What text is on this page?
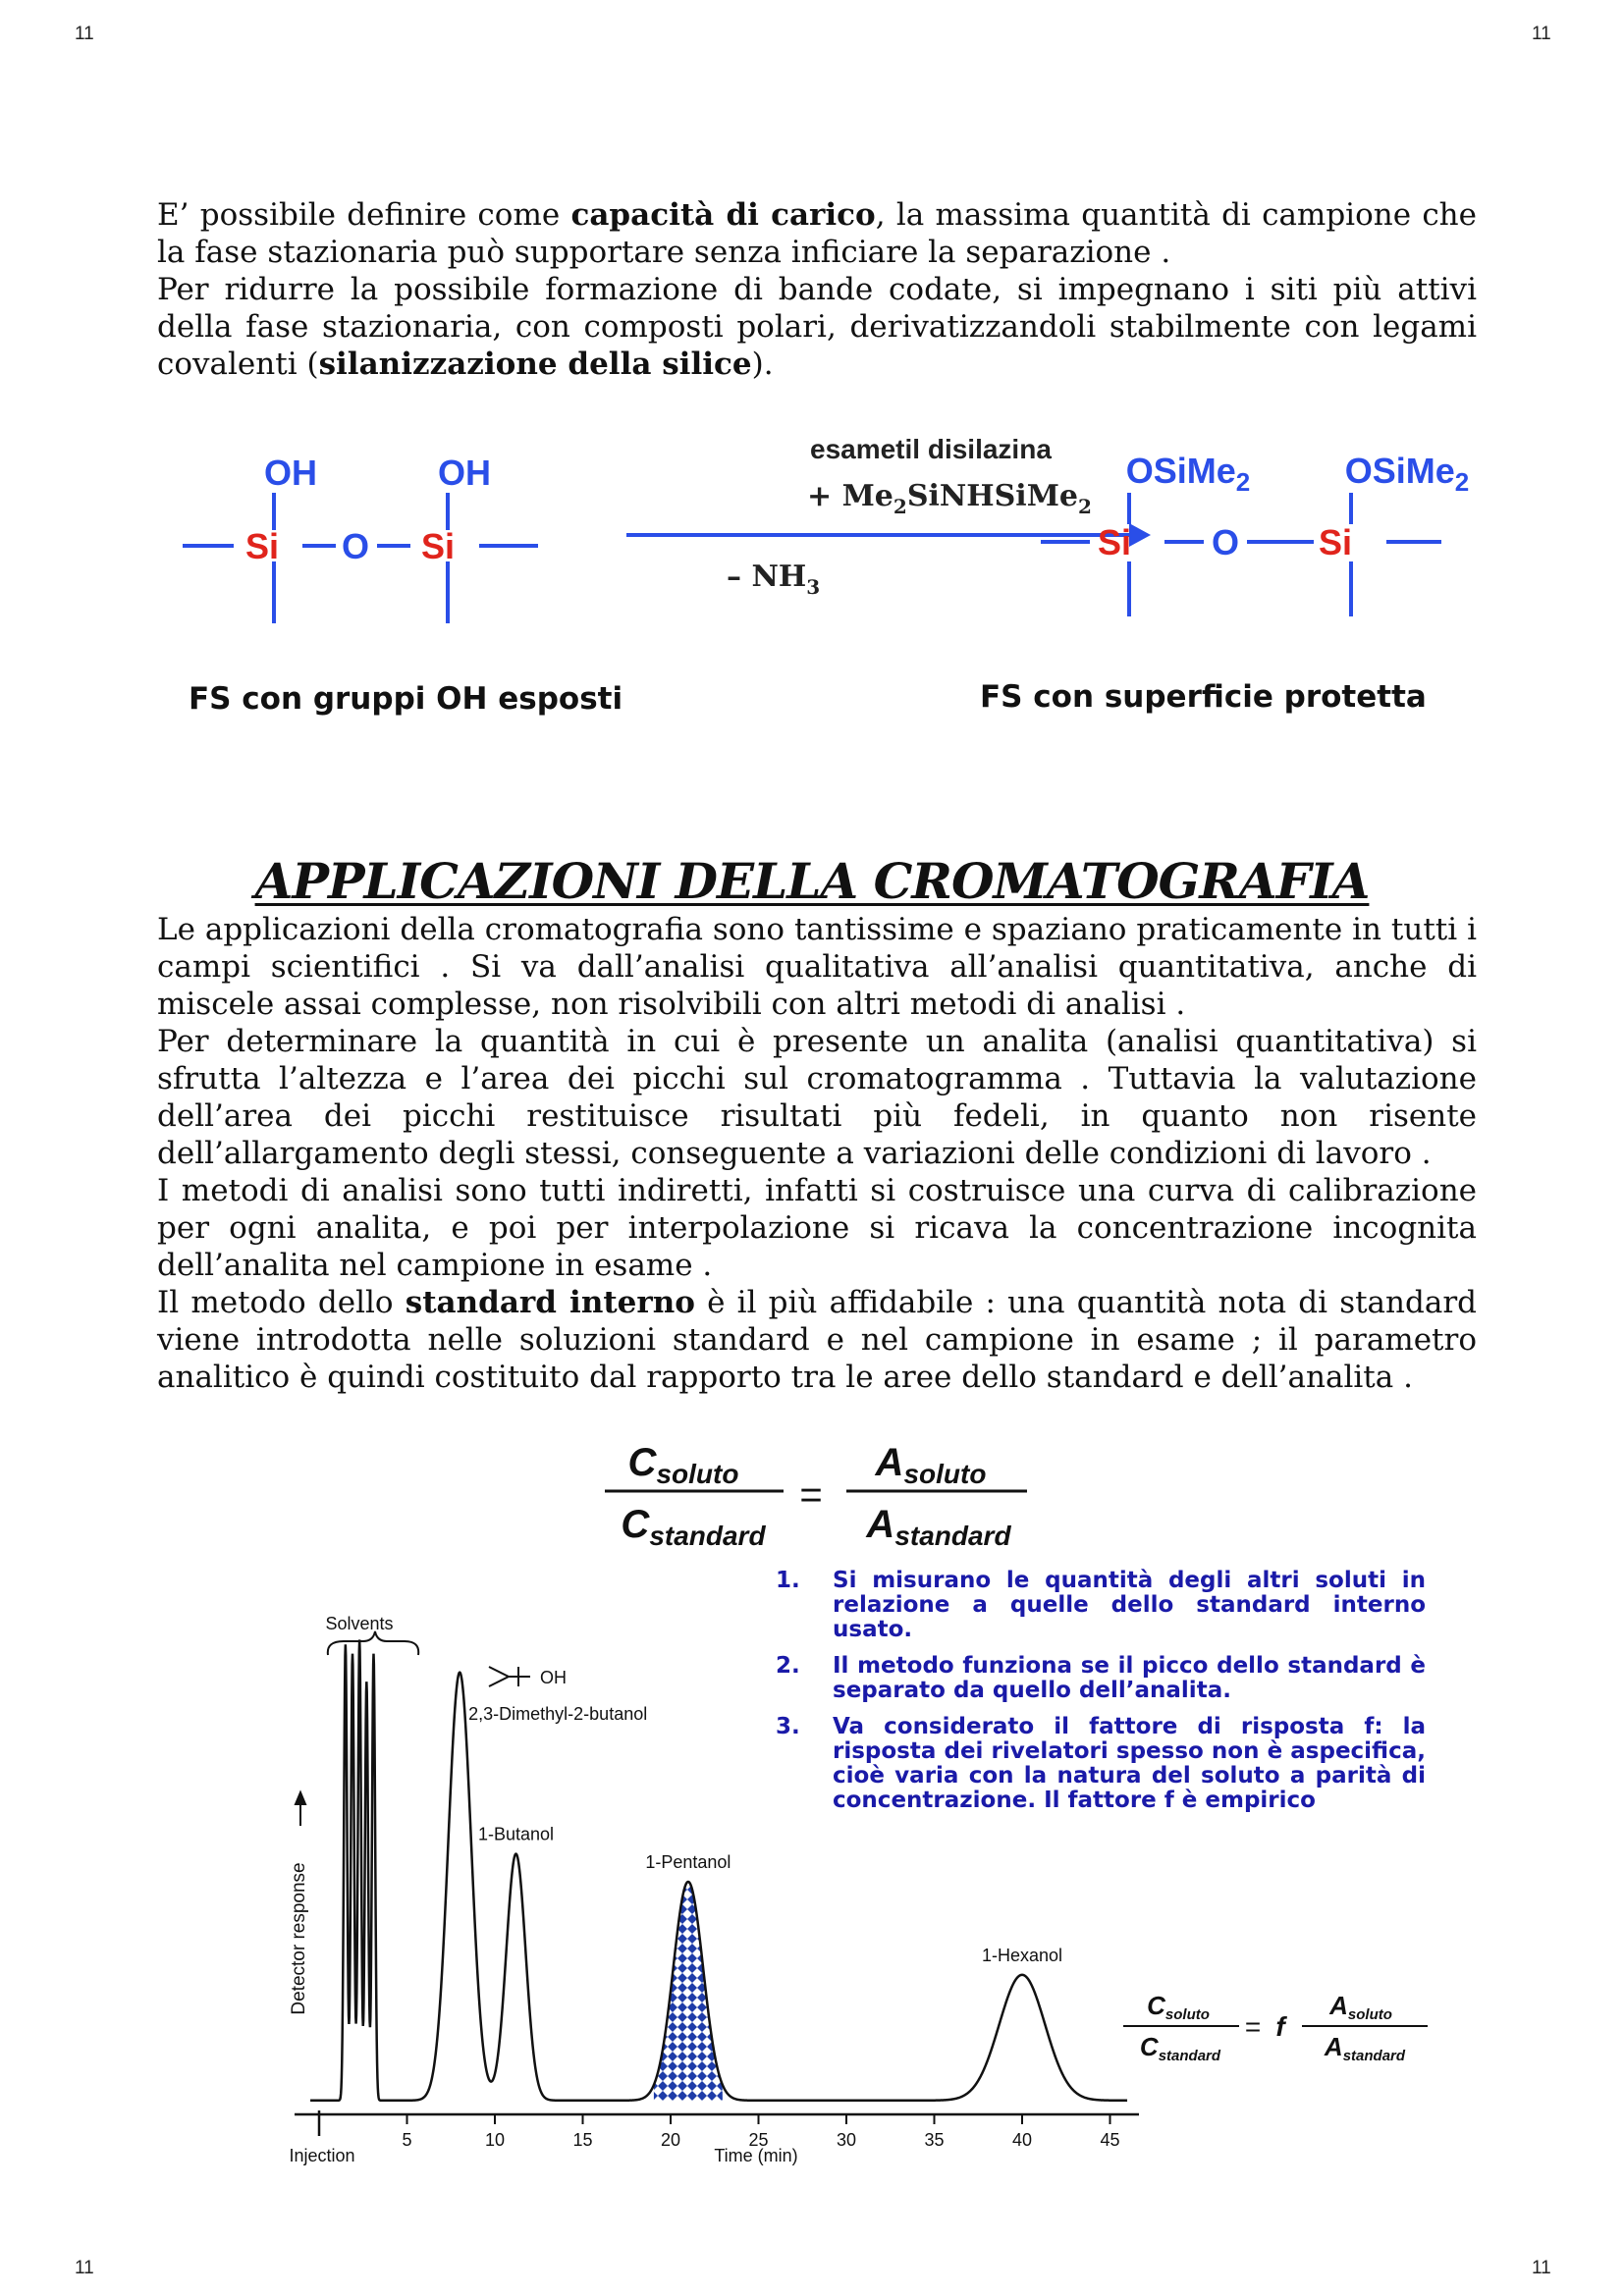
11	11
11	11
E’ possibile definire come capacità di carico, la massima quantità di campione che la fase stazionaria può supportare senza inficiare la separazione .
Per ridurre la possibile formazione di bande codate, si impegnano i siti più attivi della fase stazionaria, con composti polari, derivatizzandoli stabilmente con legami covalenti (silanizzazione della silice).
OH	OH
Si O Si
esametil disilazina
+ $Me_2SiNHSiMe_2$
– $NH_3$
OSiMe$_2$	OSiMe$_2$
Si O Si
FS con gruppi OH esposti	FS con superficie protetta
APPLICAZIONI DELLA CROMATOGRAFIA
Le applicazioni della cromatografia sono tantissime e spaziano praticamente in tutti i campi scientifici . Si va dall’analisi qualitativa all’analisi quantitativa, anche di miscele assai complesse, non risolvibili con altri metodi di analisi .
Per determinare la quantità in cui è presente un analita (analisi quantitativa) si sfrutta l’altezza e l’area dei picchi sul cromatogramma . Tuttavia la valutazione dell’area dei picchi restituisce risultati più fedeli, in quanto non risente dell’allargamento degli stessi, conseguente a variazioni delle condizioni di lavoro .
I metodi di analisi sono tutti indiretti, infatti si costruisce una curva di calibrazione per ogni analita, e poi per interpolazione si ricava la concentrazione incognita dell’analita nel campione in esame .
Il metodo dello standard interno è il più affidabile : una quantità nota di standard viene introdotta nelle soluzioni standard e nel campione in esame ; il parametro analitico è quindi costituito dal rapporto tra le aree dello standard e dell’analita .
Csoluto
Cstandard
=
Asoluto
Astandard
Detector response
5	10	15	20	25	30	35	40	45
Injection	Time (min)
Solvents
OH
2,3-Dimethyl-2-butanol
1-Butanol
1-Pentanol
1-Hexanol
1.	Si misurano le quantità degli altri soluti in relazione a quelle dello standard interno usato.
2.	Il metodo funziona se il picco dello standard è separato da quello dell’analita.
3.	Va considerato il fattore di risposta f: la risposta dei rivelatori spesso non è aspecifica, cioè varia con la natura del soluto a parità di concentrazione. Il fattore f è empirico
Csoluto
Cstandard
= f
Asoluto
Astandard
